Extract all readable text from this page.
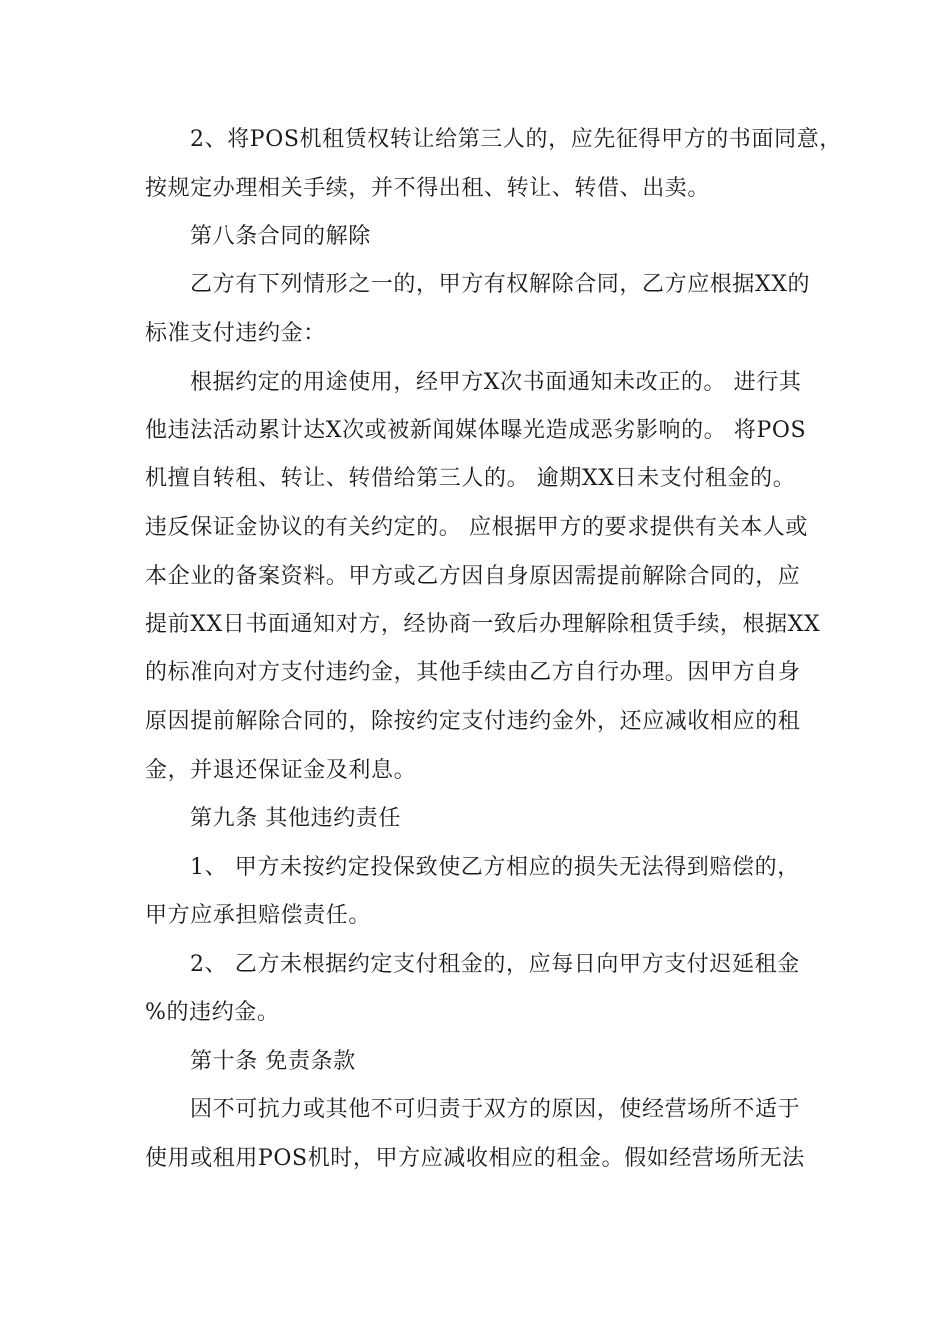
2、将POS机租赁权转让给第三人的，应先征得甲方的书面同意，
按规定办理相关手续，并不得出租、转让、转借、出卖。
第八条合同的解除
乙方有下列情形之一的，甲方有权解除合同，乙方应根据XX的
标准支付违约金：
根据约定的用途使用，经甲方X次书面通知未改正的。 进行其
他违法活动累计达X次或被新闻媒体曝光造成恶劣影响的。 将POS
机擅自转租、转让、转借给第三人的。 逾期XX日未支付租金的。
违反保证金协议的有关约定的。 应根据甲方的要求提供有关本人或
本企业的备案资料。甲方或乙方因自身原因需提前解除合同的，应
提前XX日书面通知对方，经协商一致后办理解除租赁手续，根据XX
的标准向对方支付违约金，其他手续由乙方自行办理。因甲方自身
原因提前解除合同的，除按约定支付违约金外，还应减收相应的租
金，并退还保证金及利息。
第九条 其他违约责任
1、 甲方未按约定投保致使乙方相应的损失无法得到赔偿的，
甲方应承担赔偿责任。
2、 乙方未根据约定支付租金的，应每日向甲方支付迟延租金
%的违约金。
第十条 免责条款
因不可抗力或其他不可归责于双方的原因，使经营场所不适于
使用或租用POS机时，甲方应减收相应的租金。假如经营场所无法
